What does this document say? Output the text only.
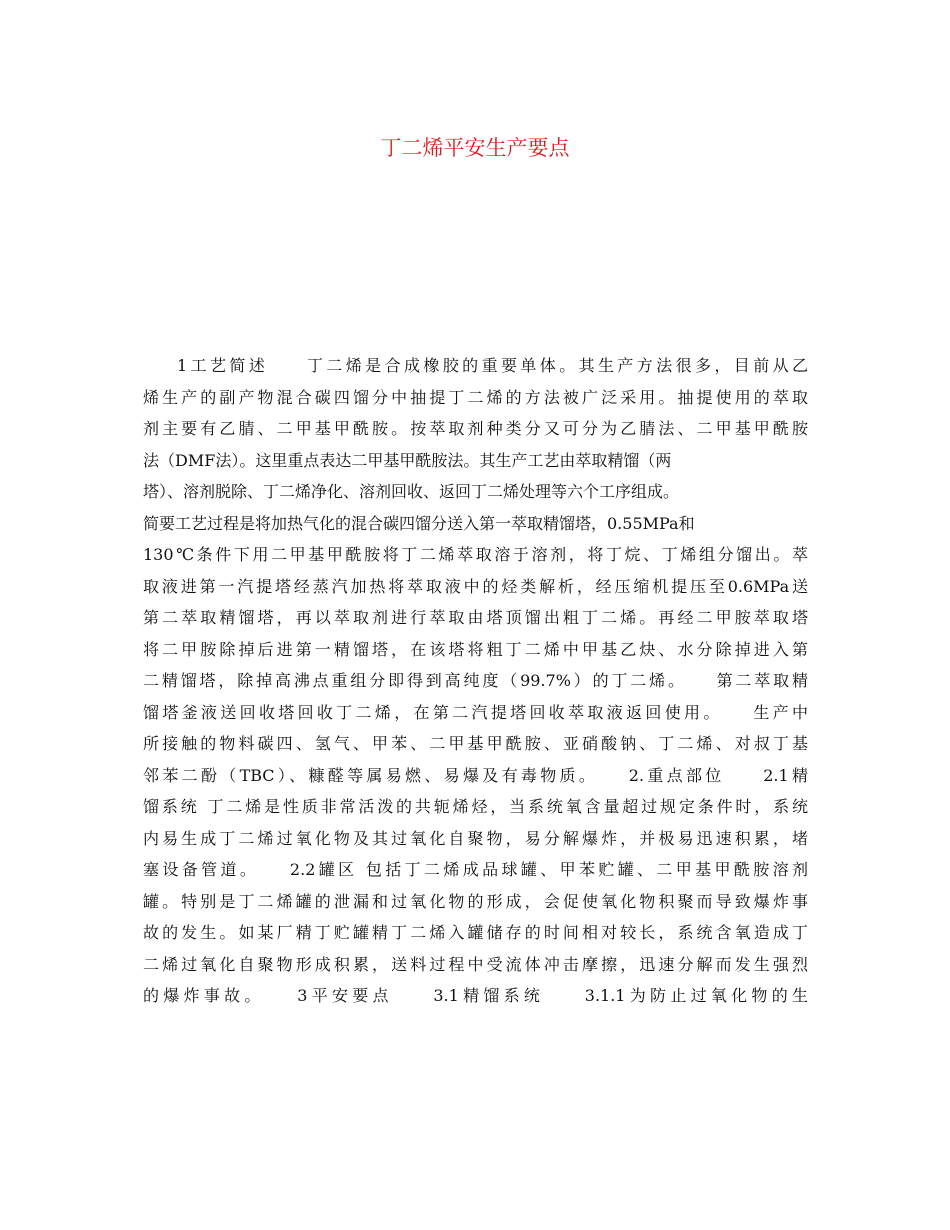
丁二烯平安生产要点
1工艺简述　　丁二烯是合成橡胶的重要单体。其生产方法很多，目前从乙
烯生产的副产物混合碳四馏分中抽提丁二烯的方法被广泛采用。抽提使用的萃取
剂主要有乙腈、二甲基甲酰胺。按萃取剂种类分又可分为乙腈法、二甲基甲酰胺
法（DMF法）。这里重点表达二甲基甲酰胺法。其生产工艺由萃取精馏（两
塔）、溶剂脱除、丁二烯净化、溶剂回收、返回丁二烯处理等六个工序组成。
简要工艺过程是将加热气化的混合碳四馏分送入第一萃取精馏塔，0.55MPa和
130℃条件下用二甲基甲酰胺将丁二烯萃取溶于溶剂，将丁烷、丁烯组分馏出。萃
取液进第一汽提塔经蒸汽加热将萃取液中的烃类解析，经压缩机提压至0.6MPa送
第二萃取精馏塔，再以萃取剂进行萃取由塔顶馏出粗丁二烯。再经二甲胺萃取塔
将二甲胺除掉后进第一精馏塔，在该塔将粗丁二烯中甲基乙炔、水分除掉进入第
二精馏塔，除掉高沸点重组分即得到高纯度（99.7%）的丁二烯。　　第二萃取精
馏塔釜液送回收塔回收丁二烯，在第二汽提塔回收萃取液返回使用。　　生产中
所接触的物料碳四、氢气、甲苯、二甲基甲酰胺、亚硝酸钠、丁二烯、对叔丁基
邻苯二酚（TBC）、糠醛等属易燃、易爆及有毒物质。　　2.重点部位　　2.1精
馏系统 丁二烯是性质非常活泼的共轭烯烃，当系统氧含量超过规定条件时，系统
内易生成丁二烯过氧化物及其过氧化自聚物，易分解爆炸，并极易迅速积累，堵
塞设备管道。　　2.2罐区 包括丁二烯成品球罐、甲苯贮罐、二甲基甲酰胺溶剂
罐。特别是丁二烯罐的泄漏和过氧化物的形成，会促使氧化物积聚而导致爆炸事
故的发生。如某厂精丁贮罐精丁二烯入罐储存的时间相对较长，系统含氧造成丁
二烯过氧化自聚物形成积累，送料过程中受流体冲击摩擦，迅速分解而发生强烈
的爆炸事故。　　3平安要点　　3.1精馏系统　　3.1.1为防止过氧化物的生
